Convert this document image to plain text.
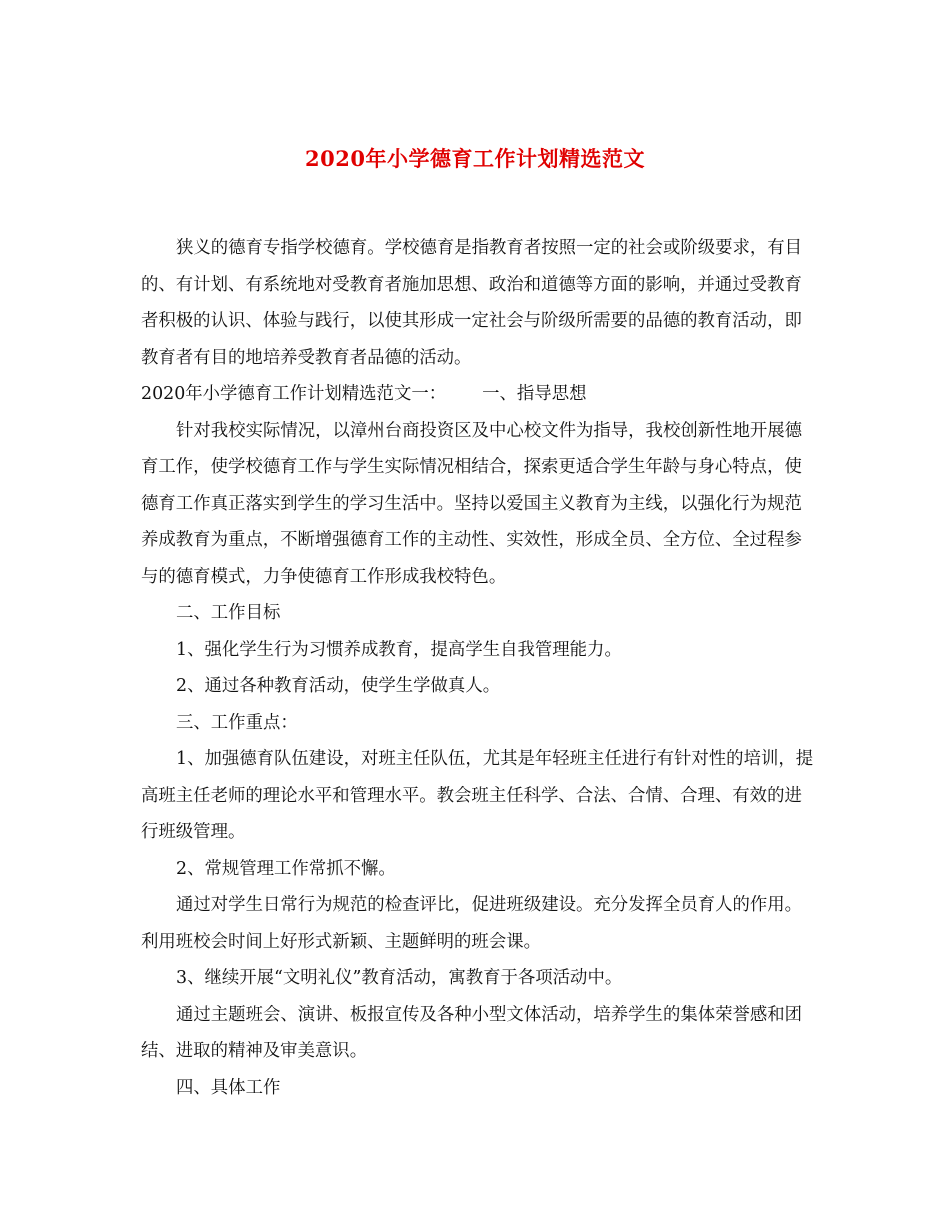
2020年小学德育工作计划精选范文

狭义的德育专指学校德育。学校德育是指教育者按照一定的社会或阶级要求，有目的、有计划、有系统地对受教育者施加思想、政治和道德等方面的影响，并通过受教育者积极的认识、体验与践行，以使其形成一定社会与阶级所需要的品德的教育活动，即教育者有目的地培养受教育者品德的活动。

2020年小学德育工作计划精选范文一： 一、指导思想

针对我校实际情况，以漳州台商投资区及中心校文件为指导，我校创新性地开展德育工作，使学校德育工作与学生实际情况相结合，探索更适合学生年龄与身心特点，使德育工作真正落实到学生的学习生活中。坚持以爱国主义教育为主线，以强化行为规范养成教育为重点，不断增强德育工作的主动性、实效性，形成全员、全方位、全过程参与的德育模式，力争使德育工作形成我校特色。

二、工作目标

1、强化学生行为习惯养成教育，提高学生自我管理能力。

2、通过各种教育活动，使学生学做真人。

三、工作重点：

1、加强德育队伍建设，对班主任队伍，尤其是年轻班主任进行有针对性的培训，提高班主任老师的理论水平和管理水平。教会班主任科学、合法、合情、合理、有效的进行班级管理。

2、常规管理工作常抓不懈。

通过对学生日常行为规范的检查评比，促进班级建设。充分发挥全员育人的作用。利用班校会时间上好形式新颖、主题鲜明的班会课。

3、继续开展“文明礼仪”教育活动，寓教育于各项活动中。

通过主题班会、演讲、板报宣传及各种小型文体活动，培养学生的集体荣誉感和团结、进取的精神及审美意识。

四、具体工作
